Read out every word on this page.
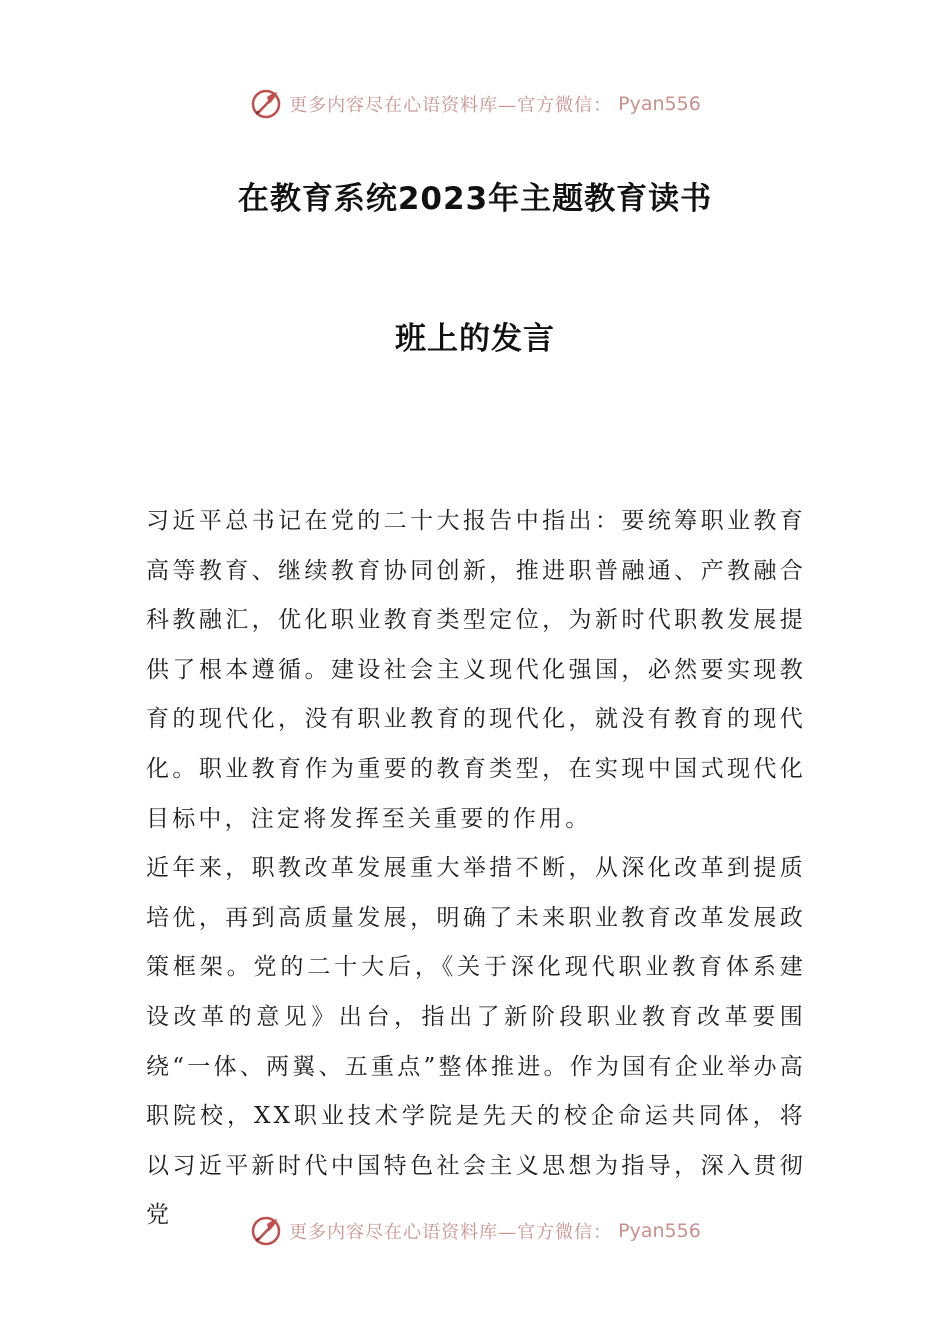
更多内容尽在心语资料库—官方微信： Pyan556
在教育系统2023年主题教育读书
班上的发言

习近平总书记在党的二十大报告中指出：要统筹职业教育高等教育、继续教育协同创新，推进职普融通、产教融合科教融汇，优化职业教育类型定位，为新时代职教发展提供了根本遵循。建设社会主义现代化强国，必然要实现教育的现代化，没有职业教育的现代化，就没有教育的现代化。职业教育作为重要的教育类型，在实现中国式现代化目标中，注定将发挥至关重要的作用。

近年来，职教改革发展重大举措不断，从深化改革到提质培优，再到高质量发展，明确了未来职业教育改革发展政策框架。党的二十大后，《关于深化现代职业教育体系建设改革的意见》出台，指出了新阶段职业教育改革要围绕“一体、两翼、五重点”整体推进。作为国有企业举办高职院校，XX职业技术学院是先天的校企命运共同体，将以习近平新时代中国特色社会主义思想为指导，深入贯彻党

更多内容尽在心语资料库—官方微信： Pyan556
